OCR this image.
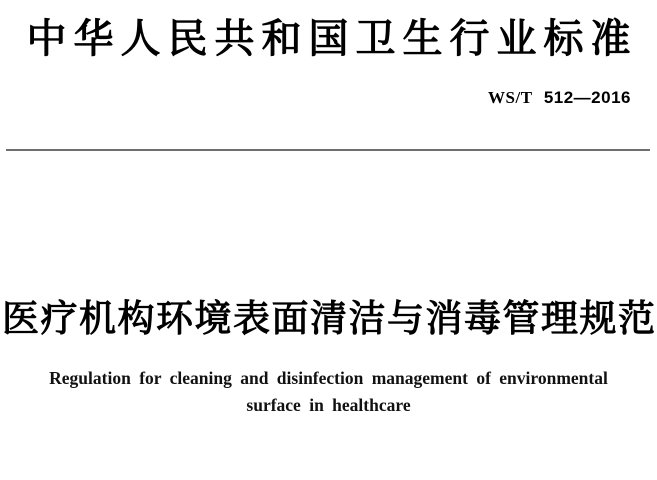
中华人民共和国卫生行业标准
WS/T 512—2016
医疗机构环境表面清洁与消毒管理规范
Regulation for cleaning and disinfection management of environmental
surface in healthcare
